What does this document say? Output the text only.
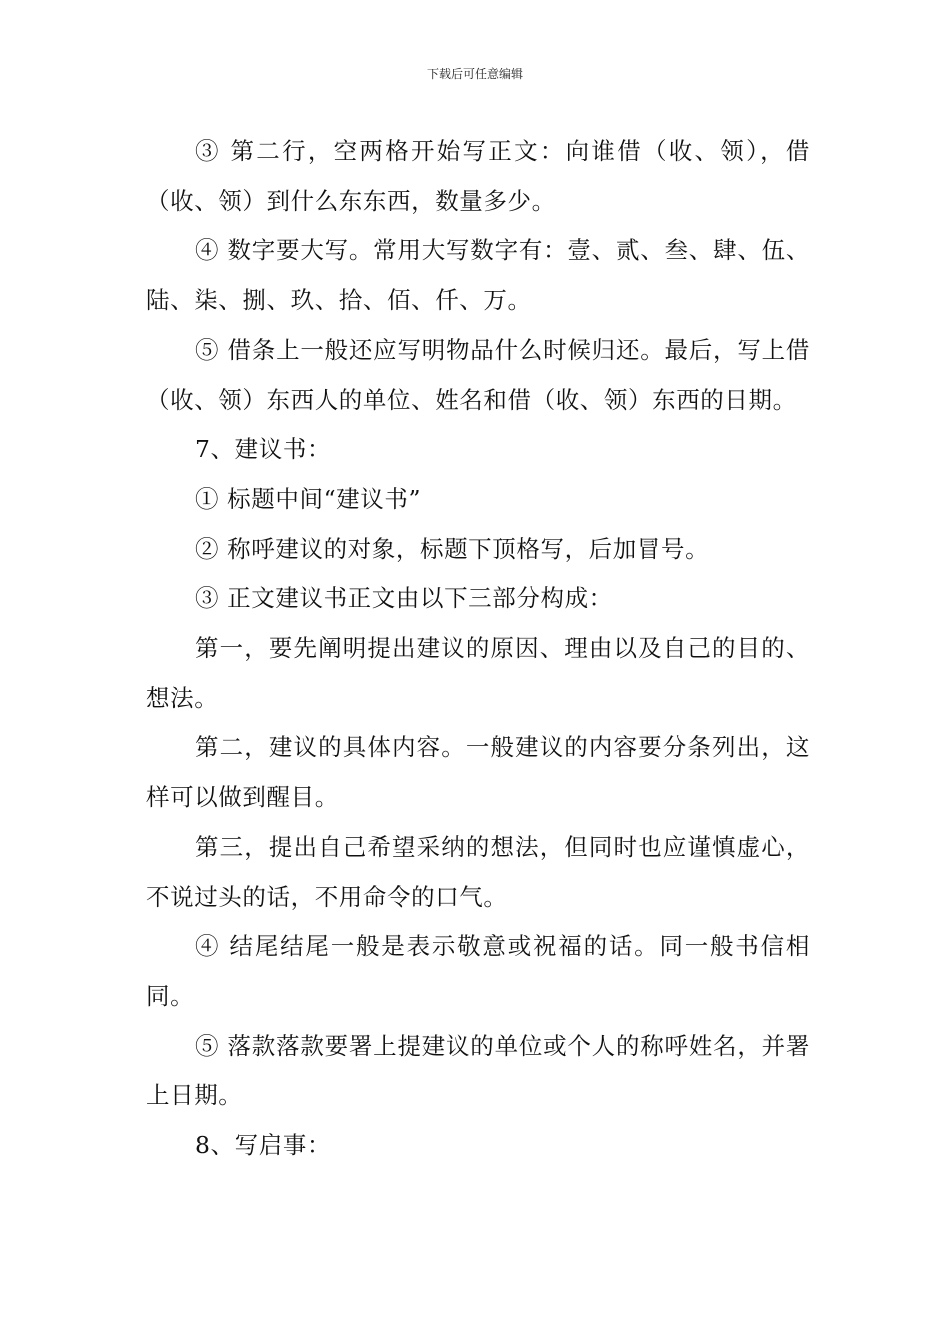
下载后可任意编辑

③ 第二行，空两格开始写正文：向谁借（收、领），借（收、领）到什么东东西，数量多少。

④ 数字要大写。常用大写数字有：壹、贰、叁、肆、伍、陆、柒、捌、玖、拾、佰、仟、万。

⑤ 借条上一般还应写明物品什么时候归还。最后，写上借（收、领）东西人的单位、姓名和借（收、领）东西的日期。

7、建议书：

① 标题中间“建议书”

② 称呼建议的对象，标题下顶格写，后加冒号。

③ 正文建议书正文由以下三部分构成：

第一，要先阐明提出建议的原因、理由以及自己的目的、想法。

第二，建议的具体内容。一般建议的内容要分条列出，这样可以做到醒目。

第三，提出自己希望采纳的想法，但同时也应谨慎虚心，不说过头的话，不用命令的口气。

④ 结尾结尾一般是表示敬意或祝福的话。同一般书信相同。

⑤ 落款落款要署上提建议的单位或个人的称呼姓名，并署上日期。

8、写启事：
